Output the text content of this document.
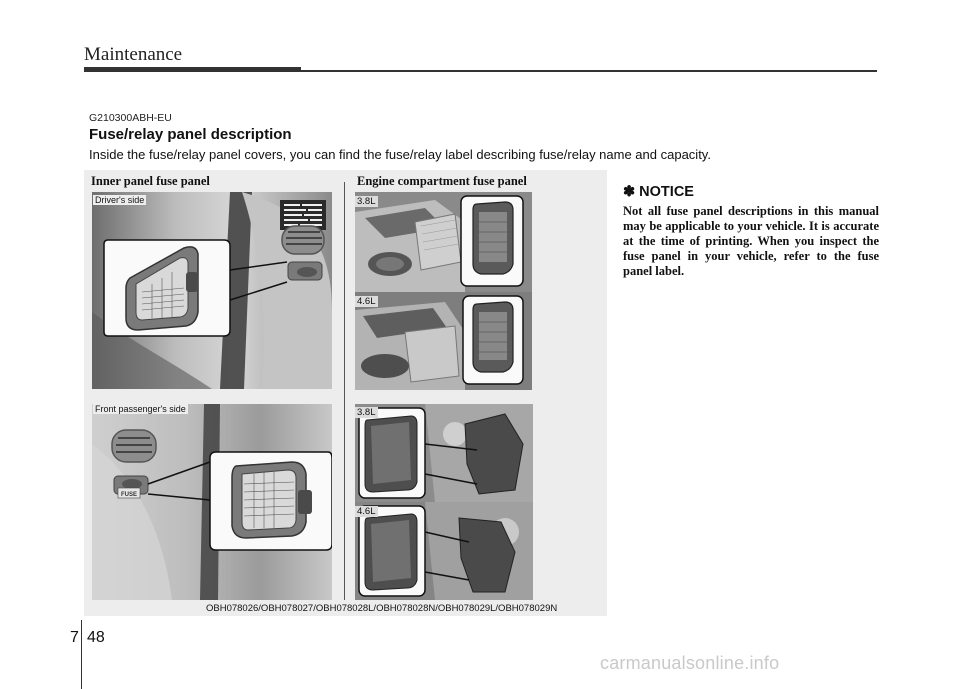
Maintenance
G210300ABH-EU
Fuse/relay panel description
Inside the fuse/relay panel covers, you can find the fuse/relay label describing fuse/relay name and capacity.
Inner panel fuse panel	Engine compartment fuse panel
Driver's side
FUSE
Front passenger's side
3.8L
4.6L
3.8L
4.6L
OBH078026/OBH078027/OBH078028L/OBH078028N/OBH078029L/OBH078029N
✽ NOTICE
Not all fuse panel descriptions in this manual may be applicable to your vehicle. It is accurate at the time of printing. When you inspect the fuse panel in your vehicle, refer to the fuse panel label.
7 48
carmanualsonline.info
